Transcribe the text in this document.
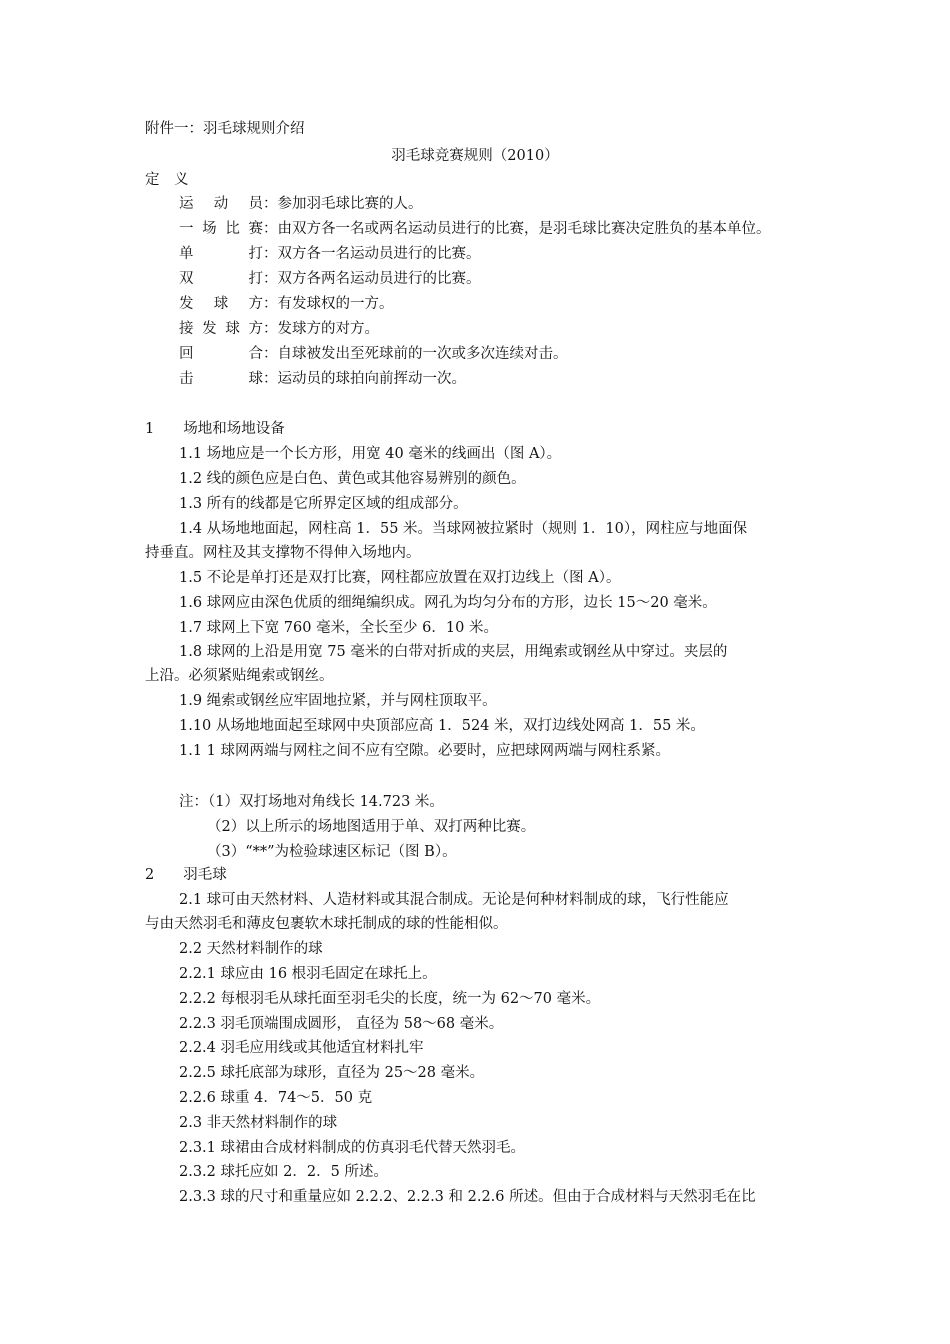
附件一：羽毛球规则介绍
羽毛球竞赛规则（2010）
定　义
运 动 员 ：参加羽毛球比赛的人。
一场比赛 ：由双方各一名或两名运动员进行的比赛，是羽毛球比赛决定胜负的基本单位。
单　　打 ：双方各一名运动员进行的比赛。
双　　打 ：双方各两名运动员进行的比赛。
发 球 方 ：有发球权的一方。
接发球方 ：发球方的对方。
回　　合 ：自球被发出至死球前的一次或多次连续对击。
击　　球 ：运动员的球拍向前挥动一次。
1　　场地和场地设备
1.1 场地应是一个长方形，用宽 40 毫米的线画出（图 A）。
1.2 线的颜色应是白色、黄色或其他容易辨别的颜色。
1.3 所有的线都是它所界定区域的组成部分。
1.4 从场地地面起，网柱高 1．55 米。当球网被拉紧时（规则 1．10），网柱应与地面保
持垂直。网柱及其支撑物不得伸入场地内。
1.5 不论是单打还是双打比赛，网柱都应放置在双打边线上（图 A）。
1.6 球网应由深色优质的细绳编织成。网孔为均匀分布的方形，边长 15～20 毫米。
1.7 球网上下宽 760 毫米，全长至少 6．10 米。
1.8 球网的上沿是用宽 75 毫米的白带对折成的夹层，用绳索或钢丝从中穿过。夹层的
上沿。必须紧贴绳索或钢丝。
1.9 绳索或钢丝应牢固地拉紧，并与网柱顶取平。
1.10 从场地地面起至球网中央顶部应高 1．524 米，双打边线处网高 1．55 米。
1.1 1 球网两端与网柱之间不应有空隙。必要时，应把球网两端与网柱系紧。
注：（1）双打场地对角线长 14.723 米。
（2）以上所示的场地图适用于单、双打两种比赛。
（3）“**”为检验球速区标记（图 B）。
2　　羽毛球
2.1 球可由天然材料、人造材料或其混合制成。无论是何种材料制成的球，飞行性能应
与由天然羽毛和薄皮包裹软木球托制成的球的性能相似。
2.2 天然材料制作的球
2.2.1 球应由 16 根羽毛固定在球托上。
2.2.2 每根羽毛从球托面至羽毛尖的长度，统一为 62～70 毫米。
2.2.3 羽毛顶端围成圆形， 直径为 58～68 毫米。
2.2.4 羽毛应用线或其他适宜材料扎牢
2.2.5 球托底部为球形，直径为 25～28 毫米。
2.2.6 球重 4．74～5．50 克
2.3 非天然材料制作的球
2.3.1 球裙由合成材料制成的仿真羽毛代替天然羽毛。
2.3.2 球托应如 2．2．5 所述。
2.3.3 球的尺寸和重量应如 2.2.2、2.2.3 和 2.2.6 所述。但由于合成材料与天然羽毛在比
